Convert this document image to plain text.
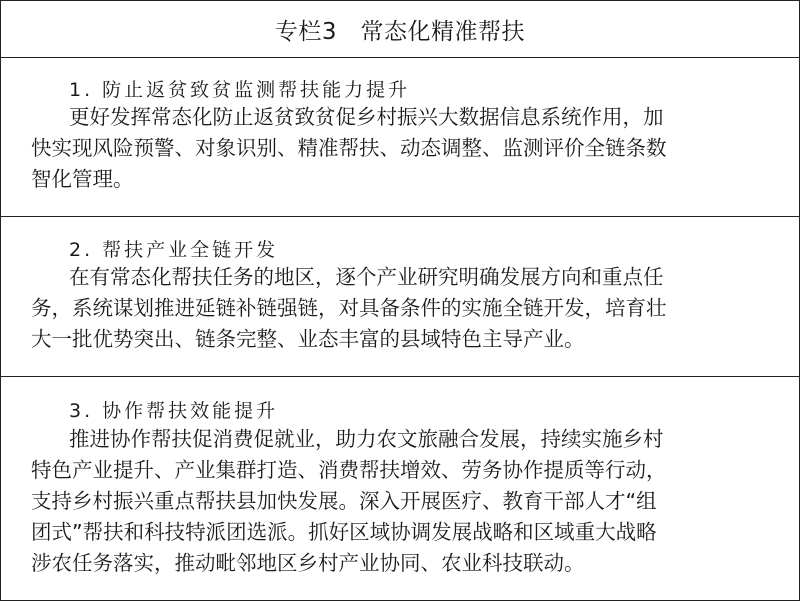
专栏3　常态化精准帮扶
1. 防止返贫致贫监测帮扶能力提升
更好发挥常态化防止返贫致贫促乡村振兴大数据信息系统作用，加
快实现风险预警、对象识别、精准帮扶、动态调整、监测评价全链条数
智化管理。
2. 帮扶产业全链开发
在有常态化帮扶任务的地区，逐个产业研究明确发展方向和重点任
务，系统谋划推进延链补链强链，对具备条件的实施全链开发，培育壮
大一批优势突出、链条完整、业态丰富的县域特色主导产业。
3. 协作帮扶效能提升
推进协作帮扶促消费促就业，助力农文旅融合发展，持续实施乡村
特色产业提升、产业集群打造、消费帮扶增效、劳务协作提质等行动，
支持乡村振兴重点帮扶县加快发展。深入开展医疗、教育干部人才“组
团式”帮扶和科技特派团选派。抓好区域协调发展战略和区域重大战略
涉农任务落实，推动毗邻地区乡村产业协同、农业科技联动。
